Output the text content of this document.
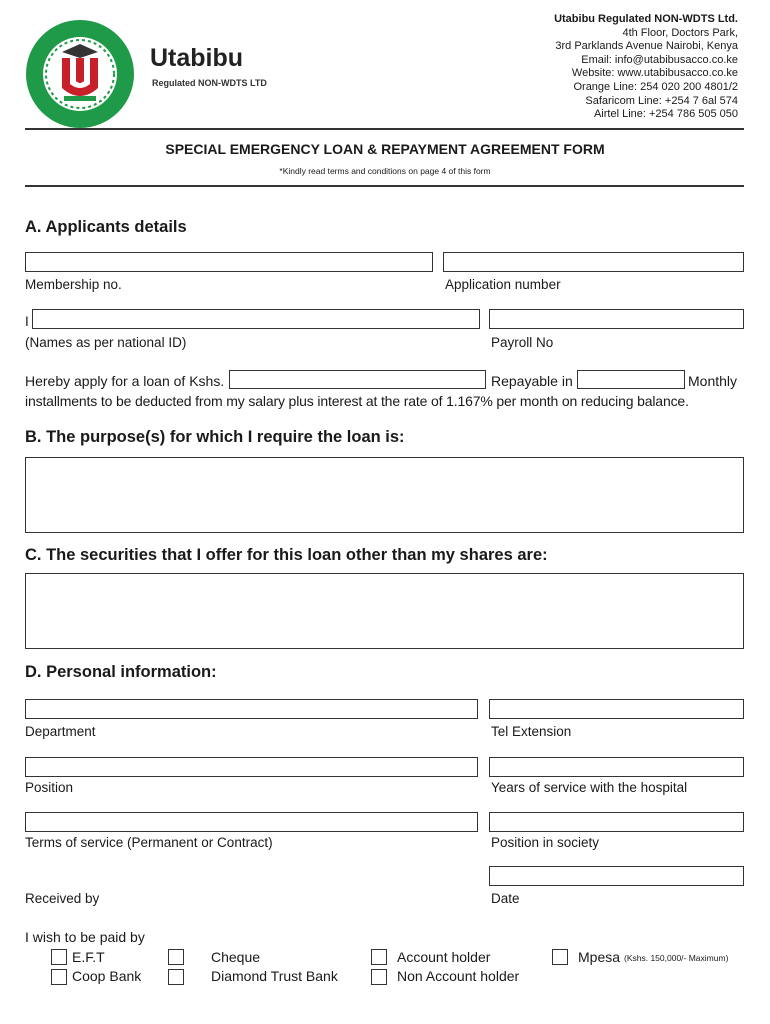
Utabibu
Regulated NON-WDTS LTD
Utabibu Regulated NON-WDTS Ltd.
4th Floor, Doctors Park,
3rd Parklands Avenue Nairobi, Kenya
Email: info@utabibusacco.co.ke
Website: www.utabibusacco.co.ke
Orange Line: 254 020 200 4801/2
Safaricom Line: +254 7 6al 574
Airtel Line: +254 786 505 050
SPECIAL EMERGENCY LOAN & REPAYMENT AGREEMENT FORM
*Kindly read terms and conditions on page 4 of this form
A. Applicants details
Membership no.	Application number
I
(Names as per national ID)	Payroll No
Hereby apply for a loan of Kshs.	Repayable in	Monthly
installments to be deducted from my salary plus interest at the rate of 1.167% per month on reducing balance.
B. The purpose(s) for which I require the loan is:
C. The securities that I offer for this loan other than my shares are:
D. Personal information:
Department	Tel Extension
Position	Years of service with the hospital
Terms of service (Permanent or Contract)	Position in society
Received by	Date
I wish to be paid by
E.F.T
Coop Bank
Cheque
Diamond Trust Bank
Account holder
Non Account holder
Mpesa (Kshs. 150,000/- Maximum)
